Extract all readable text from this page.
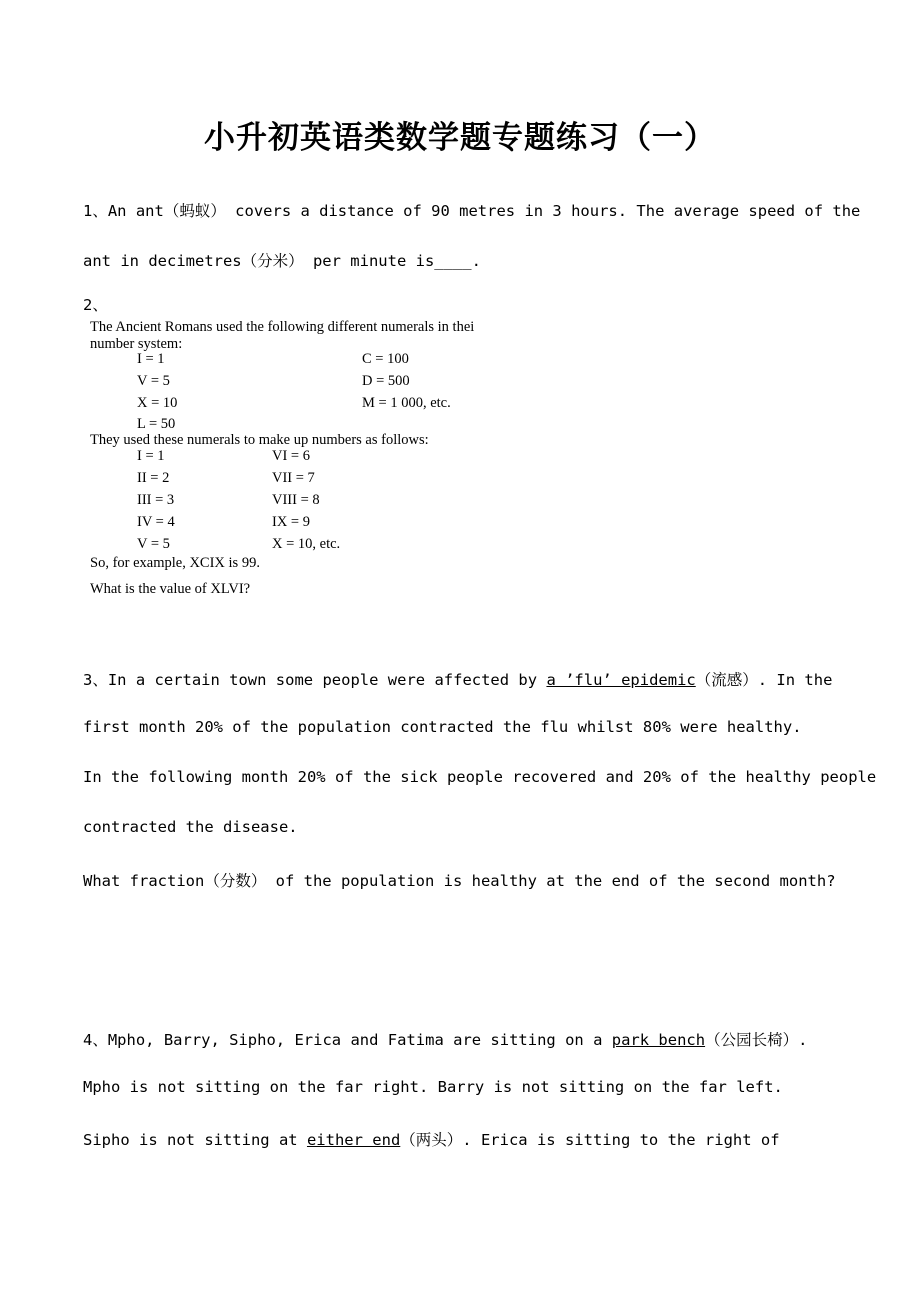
小升初英语类数学题专题练习（一）
1、An ant（蚂蚁） covers a distance of 90 metres in 3 hours. The average speed of the
ant in decimetres（分米） per minute is____.
2、
The Ancient Romans used the following different numerals in thei
number system:
I = 1
V = 5
X = 10
L = 50
C = 100
D = 500
M = 1 000, etc.
They used these numerals to make up numbers as follows:
I = 1
II = 2
III = 3
IV = 4
V = 5
VI = 6
VII = 7
VIII = 8
IX = 9
X = 10, etc.
So, for example, XCIX is 99.
What is the value of XLVI?
3、In a certain town some people were affected by a ’flu’ epidemic（流感）. In the
first month 20% of the population contracted the flu whilst 80% were healthy.
In the following month 20% of the sick people recovered and 20% of the healthy people
contracted the disease.
What fraction（分数） of the population is healthy at the end of the second month?
4、Mpho, Barry, Sipho, Erica and Fatima are sitting on a park bench（公园长椅）.
Mpho is not sitting on the far right. Barry is not sitting on the far left.
Sipho is not sitting at either end（两头）. Erica is sitting to the right of
